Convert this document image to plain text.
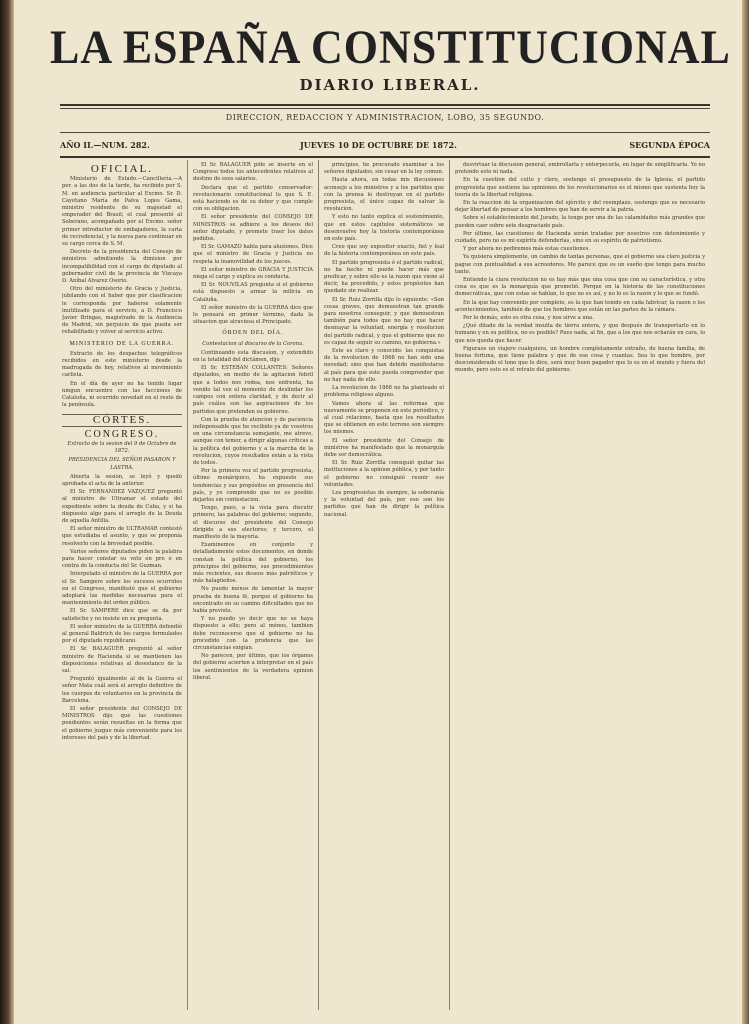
LA ESPAÑA CONSTITUCIONAL
DIARIO LIBERAL.
DIRECCION, REDACCION Y ADMINISTRACION, LOBO, 35 SEGUNDO.
AÑO II.—NUM. 282.	JUEVES 10 DE OCTUBRE DE 1872.	SEGUNDA ÉPOCA
OFICIAL.

Ministerio de Estado.—Cancillería.—A per. a las dos de la tarde, ha recibido por S. M. en audiencia particular al Excmo. Sr. D. Cayetano María de Palva Lopes Gama, ministro residente de su majestad el emperador del Brasil; el cual presentó al Soberano, acompañado por el Excmo. señor primer introductor de embajadores, la carta de recredencial, y la nueva para continuar en su cargo cerca de S. M.

Decreto de la presidencia del Consejo de ministros admitiendo la dimision por incompatibilidad con el cargo de diputado al gobernador civil de la provincia de Vizcaya D. Aníbal Alvarez Osorio.

Otro del ministerio de Gracia y Justicia, jubilando con el haber que por clasificacion le corresponda por haberse solamente inutilizado para el servicio, a D. Francisco Javier Bringas, magistrado de la Audiencia de Madrid, sin perjuicio de que pueda ser rehabilitado y volver al servicio activo.

MINISTERIO DE LA GUERRA.

Extracto de los despachos telegráficos recibidos en este ministerio desde la madrugada de hoy, relativos al movimiento carlista.

En el día de ayer no ha tenido lugar ningun encuentro con las facciones de Cataluña, ni ocurrido novedad en el resto de la península.

CÓRTES.
CONGRESO.
Extracto de la sesion del 9 de Octubre de 1872.
PRESIDENCIA DEL SEÑOR PASARON Y LASTRA.

Abierta la sesion, se leyó y quedó aprobada el acta de la anterior.

El Sr. FERNANDEZ VAZQUEZ preguntó al ministro de Ultramar el estado del expediente sobre la deuda de Cuba, y si ha dispuesto algo para el arreglo de la Deuda de aquella Antilla.

El señor ministro de ULTRAMAR contestó que estudiaba el asunto, y que se proponía resolverlo con la brevedad posible.

Varios señores diputados piden la palabra para hacer constar su voto en pro o en contra de la conducta del Sr. Guzman.

Interpelado el ministro de la GUERRA por el Sr. Sampere sobre los sucesos ocurridos en el Congreso, manifestó que el gobierno adoptará las medidas necesarias para el mantenimiento del orden público.

El Sr. SAMPERE dice que se da por satisfecho y no insiste en su pregunta.

El señor ministro de la GUERRA defendió al general Baldrich de los cargos formulados por el diputado republicano.

El Sr. BALAGUER preguntó al señor ministro de Hacienda si se mantienen las disposiciones relativas al desestanco de la sal.

Preguntó igualmente al de la Guerra el señor Mata cuál será el arreglo definitivo de los cuerpos de voluntarios en la provincia de Barcelona.

El señor presidente del CONSEJO DE MINISTROS dijo que las cuestiones pendientes serán resueltas en la forma que el gobierno juzgue más conveniente para los intereses del país y de la libertad.

El Sr. BALAGUER pide se inserte en el Congreso todos los antecedentes relativos al destino de esos salarios.

Declara que el partido conservador-revolucionario constitucional lo que S. E. está haciendo es de su deber y que cumple con su obligacion.

El señor presidente del CONSEJO DE MINISTROS se adhiere a los deseos del señor diputado, y promete traer los datos pedidos.

El Sr. GAMAZO habla para alusiones. Dice que el ministro de Gracia y Justicia no respeta la inamovilidad de los jueces.

El señor ministro de GRACIA Y JUSTICIA niega el cargo y explica su conducta.

El Sr. NOUVILAS pregunta si el gobierno está dispuesto a armar la milicia en Cataluña.

El señor ministro de la GUERRA dice que lo pensará en primer término, dada la situacion que atraviesa el Principado.

ÓRDEN DEL DÍA.
Contestacion al discurso de la Corona.

Continuando esta discusion, y extendido en la totalidad del dictámen, dijo

El Sr. ESTEBAN COLLANTES: Señores diputados, en medio de la agitacion febril que a todos nos rodea, nos enfrenta, ha venido tal vez el momento de deslindar los campos con entera claridad, y de decir al país cuáles son las aspiraciones de los partidos que pretenden su gobierno.

Con la prueba de atencion y de paciencia indispensable que he recibido ya de vosotros en una circunstancia semejante, me atrevo, aunque con temor, a dirigir algunas críticas a la política del gobierno y a la marcha de la revolucion, cuyos resultados están a la vista de todos.

Por la primera vez el partido progresista, último monárquico, ha expuesto sus tendencias y sus propósitos en presencia del país, y yo comprendo que no es posible dejarlos sin contestacion.

Tengo, pues, a la vista para discutir primero, las palabras del gobierno; segundo, el discurso del presidente del Consejo dirigido a sus electores; y tercero, el manifiesto de la mayoría.

Examinemos en conjunto y detalladamente estos documentos, en donde constan la política del gobierno, los principios del gobierno, sus procedimientos más recientes, sus deseos más patrióticos y más halagüeños.

No puedo ménos de lamentar la mayor prueba de buena fé, porque el gobierno ha encontrado en su camino dificultades que no había previsto.

Y no puedo yo decir que no se haya dispuesto a ello; pero al ménos, tambien debe reconocerse que el gobierno no ha procedido con la prudencia que las circunstancias exigían.

No parecen, por último, que los órganos del gobierno acierten a interpretar en el país los sentimientos de la verdadera opinion liberal.

principios, he procurado examinar a los señores diputados, sin cesar en la ley comun.

Hasta ahora, en todas mis discusiones aconsejo a los ministros y a los partidos que con la prensa lo destruyan en el partido progresista, el único capaz de salvar la revolucion.

Y esto no tanto explica el sostenimiento, que en estos capítulos sistemáticos se desenvuelve hoy la historia contemporánea en este país.

Creo que soy expositor exacto, fiel y leal de la historia contemporánea en este país.

El partido progresista ó el partido radical, no ha hecho ni puede hacer más que predicar, y sobre ello es la razon que viene al decir, ha procedido, y estos propósitos han quedado sin realizar.

El Sr. Ruiz Zorrilla dijo lo siguiente: «Son cosas graves, que demuestran tan grande para nosotros conseguir, y que demuestran también para todos que no hay que hacer desmayar la voluntad, energía y resolucion del partido radical, y que el gobierno que no es capaz de seguir su camino, no gobierna.»

Este es claro y conocido: las conquistas de la revolucion de 1868 no han sido una novedad; sino que han debido manifestarse al país para que este pueda comprender que no hay nada de ello.

La revolucion de 1868 no ha planteado el problema religioso alguno.

Vamos ahora al las reformas que nuevamente se proponen en este periódico, y al cual relaciono, hasta que los resultados que se obtienen en este terreno son siempre los mismos.

El señor presidente del Consejo de ministros ha manifestado que la monarquía debe ser democrática.

El Sr. Ruiz Zorrilla consiguió quitar las instituciones a la opinion pública, y por tanto el gobierno no consiguió reunir sus voluntades.

Los progresistas de siempre, la soberanía y la voluntad del país, por eso son los partidos que han de dirigir la política nacional.

desvirtuar la discusion general, embrollarla y entorpecerla, en lugar de simplificarla. Yo no pretendo esto ni nada.

En la cuestion del culto y clero, sostengo el presupuesto de la Iglesia; el partido progresista que sostiene las opiniones de los revolucionarios es el mismo que sustenta hoy la teoría de la libertad religiosa.

En la reaccion de la organizacion del ejército y del reemplazo, sostengo que es necesario dejar libertad de pensar a los hombres que han de servir a la patria.

Sobre el establecimiento del Jurado, la tengo por una de las calamidades más grandes que pueden caer sobre este desgraciado país.

Por último, las cuestiones de Hacienda serán tratadas por nosotros con detenimiento y cuidado, pero no es mi espíritu defenderlas, sino en su espíritu de patriotismo.

Y por ahora no pediremos más estas cuestiones.

Ya quisiera simplemente, un cambio de tantas personas, que el gobierno sea claro justicia y pague con puntualidad a sus acreedores. Me parece que es un sueño que tengo para mucho tanto.

Entiendo la clara revolucion no es hay más que una cosa que con su característica, y otra cosa es que es la monarquía que prometió. Porque en la historia de las constituciones democráticas, que con estas se hablan, lo que no es así, y no lo es la razon y lo que se fundó.

En la que hay convenido por completo, es la que han tenido en cada fabricar, la razon o los acontecimientos, también de que los hombres que están en las partes de la cámara.

Por lo demás, esto es otra cosa, y nos sirve a una.

¿Qué ditado de la verdad insulta de tierra entera, y que después de transportarlo en lo humano y en su política, no es posible? Pues nada, al fin, que a los que nos echarán en cara, lo que nos queda que hacer.

Figuraos un viajero cualquiera, un hombre completamente extraño, de buena familia, de buena fortuna, que tiene palabra y que de ese cosa y cuantas. Sea lo que hombre, por desconsiderado el tono que lo dice, será muy buen pagador que lo es en el mundo y fuera del mundo, pero esto es el retrato del gobierno.
